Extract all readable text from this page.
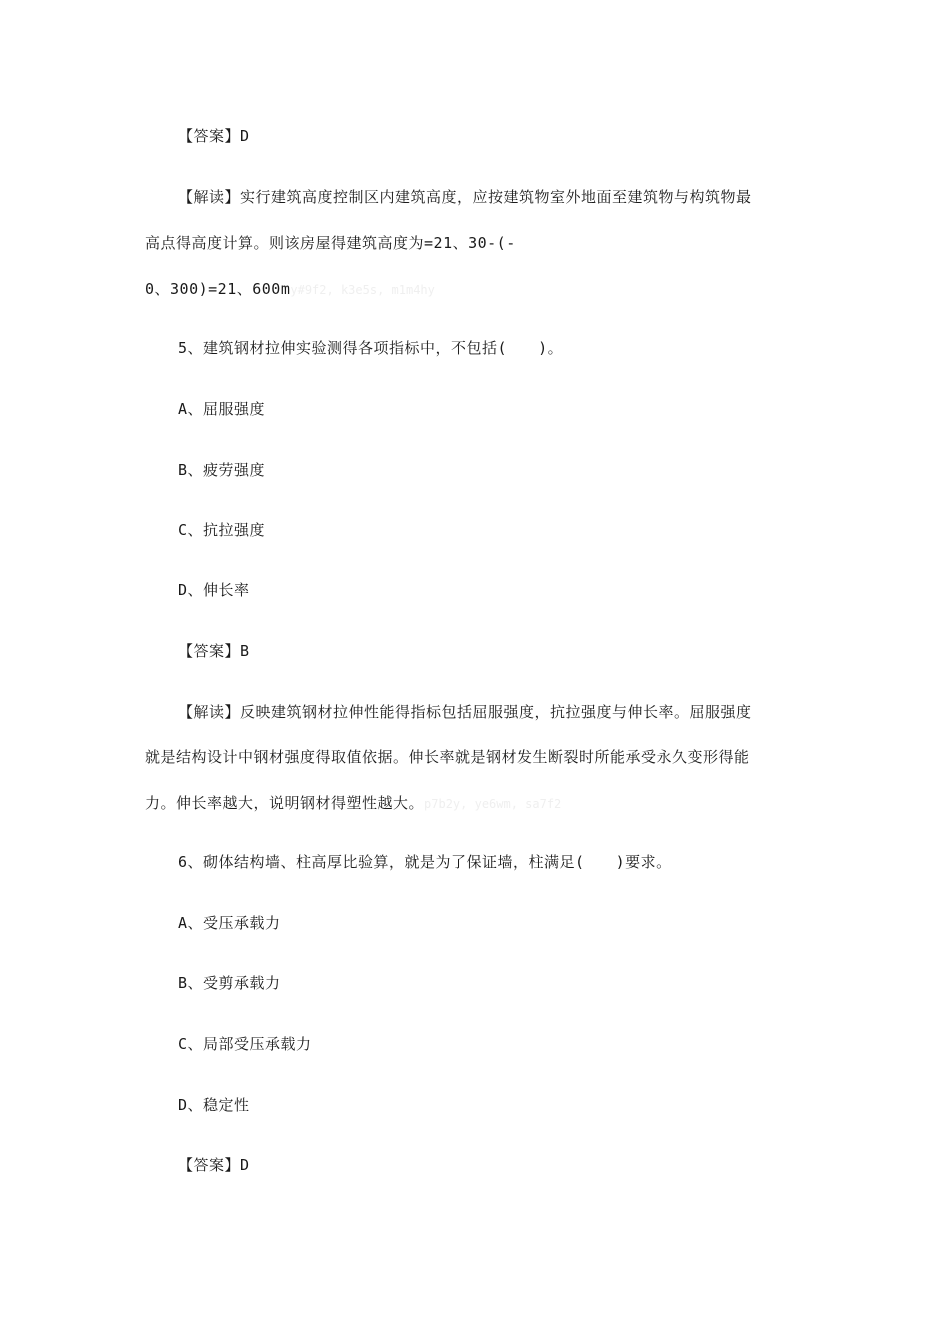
【答案】D
【解读】实行建筑高度控制区内建筑高度，应按建筑物室外地面至建筑物与构筑物最
高点得高度计算。则该房屋得建筑高度为=21、30-(-
0、300)=21、600my#9f2, k3e5s, m1m4hy
5、建筑钢材拉伸实验测得各项指标中，不包括(　　)。
A、屈服强度
B、疲劳强度
C、抗拉强度
D、伸长率
【答案】B
【解读】反映建筑钢材拉伸性能得指标包括屈服强度，抗拉强度与伸长率。屈服强度
就是结构设计中钢材强度得取值依据。伸长率就是钢材发生断裂时所能承受永久变形得能
力。伸长率越大，说明钢材得塑性越大。p7b2y, ye6wm, sa7f2
6、砌体结构墙、柱高厚比验算，就是为了保证墙，柱满足(　　)要求。
A、受压承载力
B、受剪承载力
C、局部受压承载力
D、稳定性
【答案】D
